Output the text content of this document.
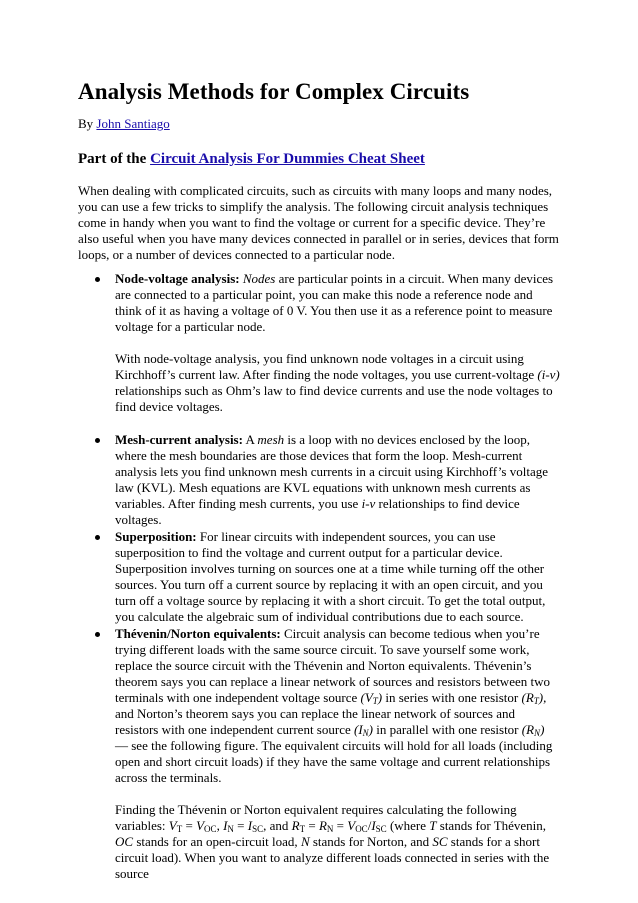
Analysis Methods for Complex Circuits
By John Santiago
Part of the Circuit Analysis For Dummies Cheat Sheet

When dealing with complicated circuits, such as circuits with many loops and many nodes, you can use a few tricks to simplify the analysis. The following circuit analysis techniques come in handy when you want to find the voltage or current for a specific device. They’re also useful when you have many devices connected in parallel or in series, devices that form loops, or a number of devices connected to a particular node.

Node-voltage analysis: Nodes are particular points in a circuit. When many devices are connected to a particular point, you can make this node a reference node and think of it as having a voltage of 0 V. You then use it as a reference point to measure voltage for a particular node.

With node-voltage analysis, you find unknown node voltages in a circuit using Kirchhoff’s current law. After finding the node voltages, you use current-voltage (i-v) relationships such as Ohm’s law to find device currents and use the node voltages to find device voltages.

Mesh-current analysis: A mesh is a loop with no devices enclosed by the loop, where the mesh boundaries are those devices that form the loop. Mesh-current analysis lets you find unknown mesh currents in a circuit using Kirchhoff’s voltage law (KVL). Mesh equations are KVL equations with unknown mesh currents as variables. After finding mesh currents, you use i-v relationships to find device voltages.

Superposition: For linear circuits with independent sources, you can use superposition to find the voltage and current output for a particular device. Superposition involves turning on sources one at a time while turning off the other sources. You turn off a current source by replacing it with an open circuit, and you turn off a voltage source by replacing it with a short circuit. To get the total output, you calculate the algebraic sum of individual contributions due to each source.

Thévenin/Norton equivalents: Circuit analysis can become tedious when you’re trying different loads with the same source circuit. To save yourself some work, replace the source circuit with the Thévenin and Norton equivalents. Thévenin’s theorem says you can replace a linear network of sources and resistors between two terminals with one independent voltage source $(V_T)$ in series with one resistor $(R_T)$, and Norton’s theorem says you can replace the linear network of sources and resistors with one independent current source $(I_N)$ in parallel with one resistor $(R_N)$ — see the following figure. The equivalent circuits will hold for all loads (including open and short circuit loads) if they have the same voltage and current relationships across the terminals.

Finding the Thévenin or Norton equivalent requires calculating the following variables: $V_T = V_{OC}$, $I_N = I_{SC}$, and $R_T = R_N = V_{OC}/I_{SC}$ (where T stands for Thévenin, OC stands for an open-circuit load, N stands for Norton, and SC stands for a short circuit load). When you want to analyze different loads connected in series with the source
